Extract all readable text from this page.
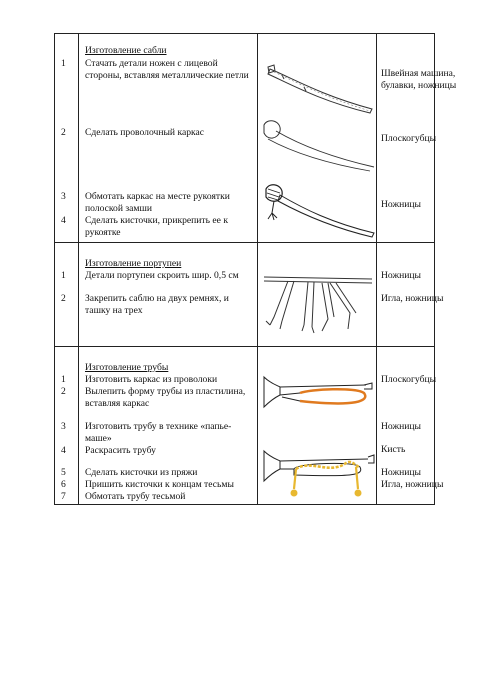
Изготовление сабли
1 Стачать детали ножен с лицевой
стороны, вставляя металлические петли
2 Сделать проволочный каркас
3 Обмотать каркас на месте рукоятки
полоской замши
4 Сделать кисточки, прикрепить ее к
рукоятке
Швейная машина,
булавки, ножницы
Плоскогубцы
Ножницы
Изготовление портупеи
1 Детали портупеи скроить шир. 0,5 см
2 Закрепить саблю на двух ремнях, и
ташку на трех
Ножницы
Игла, ножницы
Изготовление трубы
1 Изготовить каркас из проволоки
2 Вылепить форму трубы из пластилина,
вставляя каркас
3 Изготовить трубу в технике «папье-
маше»
4 Раскрасить трубу
5 Сделать кисточки из пряжи
6 Пришить кисточки к концам тесьмы
7 Обмотать трубу тесьмой
Плоскогубцы
Ножницы
Кисть
Ножницы
Игла, ножницы
